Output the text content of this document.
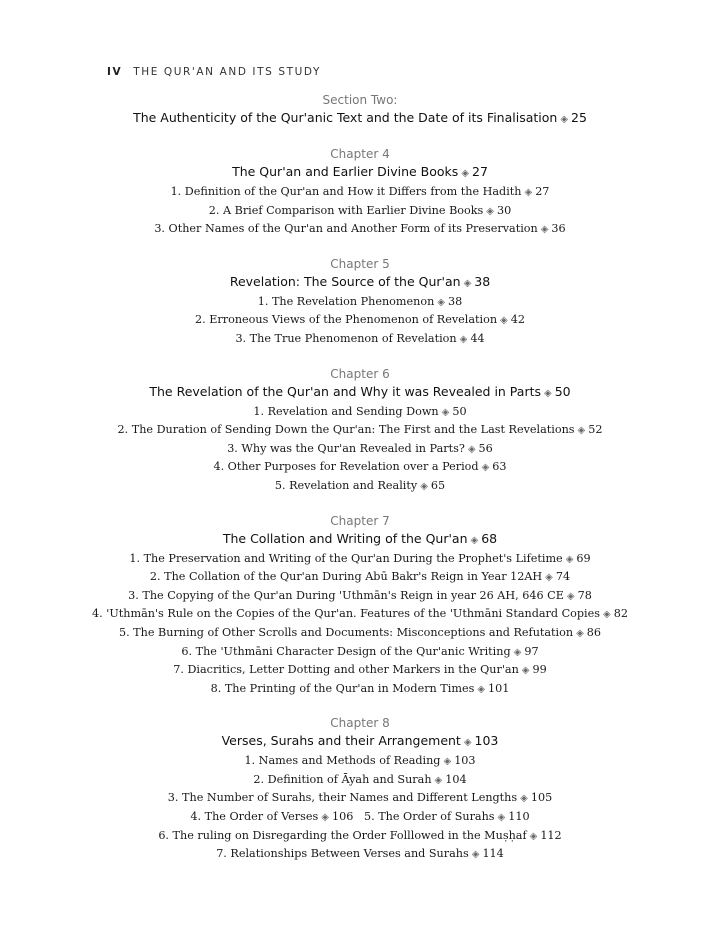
IV THE QUR'AN AND ITS STUDY
Section Two:
The Authenticity of the Qur'anic Text and the Date of its Finalisation ◈ 25
Chapter 4
The Qur'an and Earlier Divine Books ◈ 27
1. Definition of the Qur'an and How it Differs from the Hadith ◈ 27
2. A Brief Comparison with Earlier Divine Books ◈ 30
3. Other Names of the Qur'an and Another Form of its Preservation ◈ 36
Chapter 5
Revelation: The Source of the Qur'an ◈ 38
1. The Revelation Phenomenon ◈ 38
2. Erroneous Views of the Phenomenon of Revelation ◈ 42
3. The True Phenomenon of Revelation ◈ 44
Chapter 6
The Revelation of the Qur'an and Why it was Revealed in Parts ◈ 50
1. Revelation and Sending Down ◈ 50
2. The Duration of Sending Down the Qur'an: The First and the Last Revelations ◈ 52
3. Why was the Qur'an Revealed in Parts? ◈ 56
4. Other Purposes for Revelation over a Period ◈ 63
5. Revelation and Reality ◈ 65
Chapter 7
The Collation and Writing of the Qur'an ◈ 68
1. The Preservation and Writing of the Qur'an During the Prophet's Lifetime ◈ 69
2. The Collation of the Qur'an During Abū Bakr's Reign in Year 12AH ◈ 74
3. The Copying of the Qur'an During 'Uthmān's Reign in year 26 AH, 646 CE ◈ 78
4. 'Uthmān's Rule on the Copies of the Qur'an. Features of the 'Uthmāni Standard Copies ◈ 82
5. The Burning of Other Scrolls and Documents: Misconceptions and Refutation ◈ 86
6. The 'Uthmāni Character Design of the Qur'anic Writing ◈ 97
7. Diacritics, Letter Dotting and other Markers in the Qur'an ◈ 99
8. The Printing of the Qur'an in Modern Times ◈ 101
Chapter 8
Verses, Surahs and their Arrangement ◈ 103
1. Names and Methods of Reading ◈ 103
2. Definition of Āyah and Surah ◈ 104
3. The Number of Surahs, their Names and Different Lengths ◈ 105
4. The Order of Verses ◈ 106 5. The Order of Surahs ◈ 110
6. The ruling on Disregarding the Order Folllowed in the Muṣḥaf ◈ 112
7. Relationships Between Verses and Surahs ◈ 114
